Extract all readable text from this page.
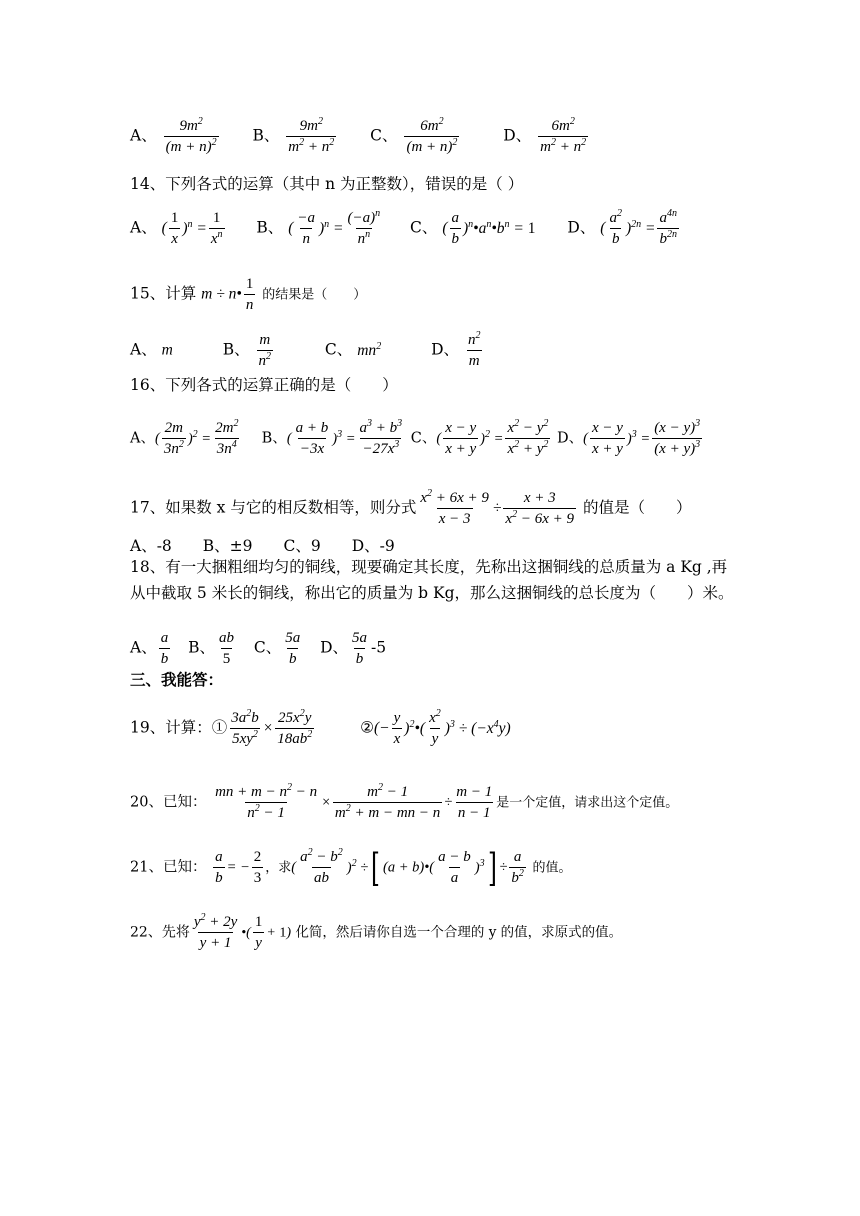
A、 $\frac{9m^2}{(m + n)^2}$ B、 $\frac{9m^2}{m^2 + n^2}$ C、 $\frac{6m^2}{(m + n)^2}$	D、 $\frac{6m^2}{m^2 + n^2}$
14、下列各式的运算（其中 n 为正整数），错误的是（ ）
A、 ( $\frac{1}{x} )^n = \frac{1}{x^n}$ B、 ( $\frac{-a}{n} )^n = \frac{(-a)^n}{n^n}$ C、 ( $\frac{a}{b}$ )$^n•a^n•b^n = 1$ D、 ( $\frac{a^2}{b} )^{2n} = \frac{a^{4n}}{b^{2n}}$
15、计算 m ÷ n• $\frac{1}{n}$ 的结果是（　　）
A、 m	B、 $\frac{m}{n^2}$	C、 $mn^2$	D、 $\frac{n^2}{m}$
16、下列各式的运算正确的是（　　）
A、( $\frac{2m}{3n^2} )^2 = \frac{2m^2}{3n^4}$ B、( $\frac{a + b}{-3x} )^3 = \frac{a^3 + b^3}{-27x^3}$ C、( $\frac{x - y}{x + y} )^2 = \frac{x^2 - y^2}{x^2 + y^2}$ D、( $\frac{x - y}{x + y} )^3 = \frac{(x - y)^3}{(x + y)^3}$
17、如果数 x 与它的相反数相等，则分式 $\frac{x^2 + 6x + 9}{x - 3} \div \frac{x + 3}{x^2 - 6x + 9}$ 的值是（　　）
A、-8　　B、±9　　C、9　　D、-9
18、有一大捆粗细均匀的铜线，现要确定其长度，先称出这捆铜线的总质量为 a Kg ,再从中截取 5 米长的铜线，称出它的质量为 b Kg，那么这捆铜线的总长度为（　　）米。
A、 $\frac{a}{b}$ B、 $\frac{ab}{5}$ C、 $\frac{5a}{b}$ D、 $\frac{5a}{b} -5$
三、我能答：
19、计算：① $\frac{3a^2b}{5xy^2} \times \frac{25x^2y}{18ab^2}$	②(− $\frac{y}{x}$ )$^2$•( $\frac{x^2}{y} )^3 \div (-x^4y)$
20、已知： $\frac{mn + m - n^2 - n}{n^2 - 1} \times \frac{m^2 - 1}{m^2 + m - mn - n} \div \frac{m - 1}{n - 1}$ 是一个定值，请求出这个定值。
21、已知： $\frac{a}{b}$ = − $\frac{2}{3}$ ，求( $\frac{a^2 - b^2}{ab} )^2$ ÷[ (a + b)•( $\frac{a - b}{a} )^3] \div \frac{a}{b^2}$ 的值。
22、先将 $\frac{y^2 + 2y}{y + 1}$ •( $\frac{1}{y} + 1$) 化简，然后请你自选一个合理的 y 的值，求原式的值。
